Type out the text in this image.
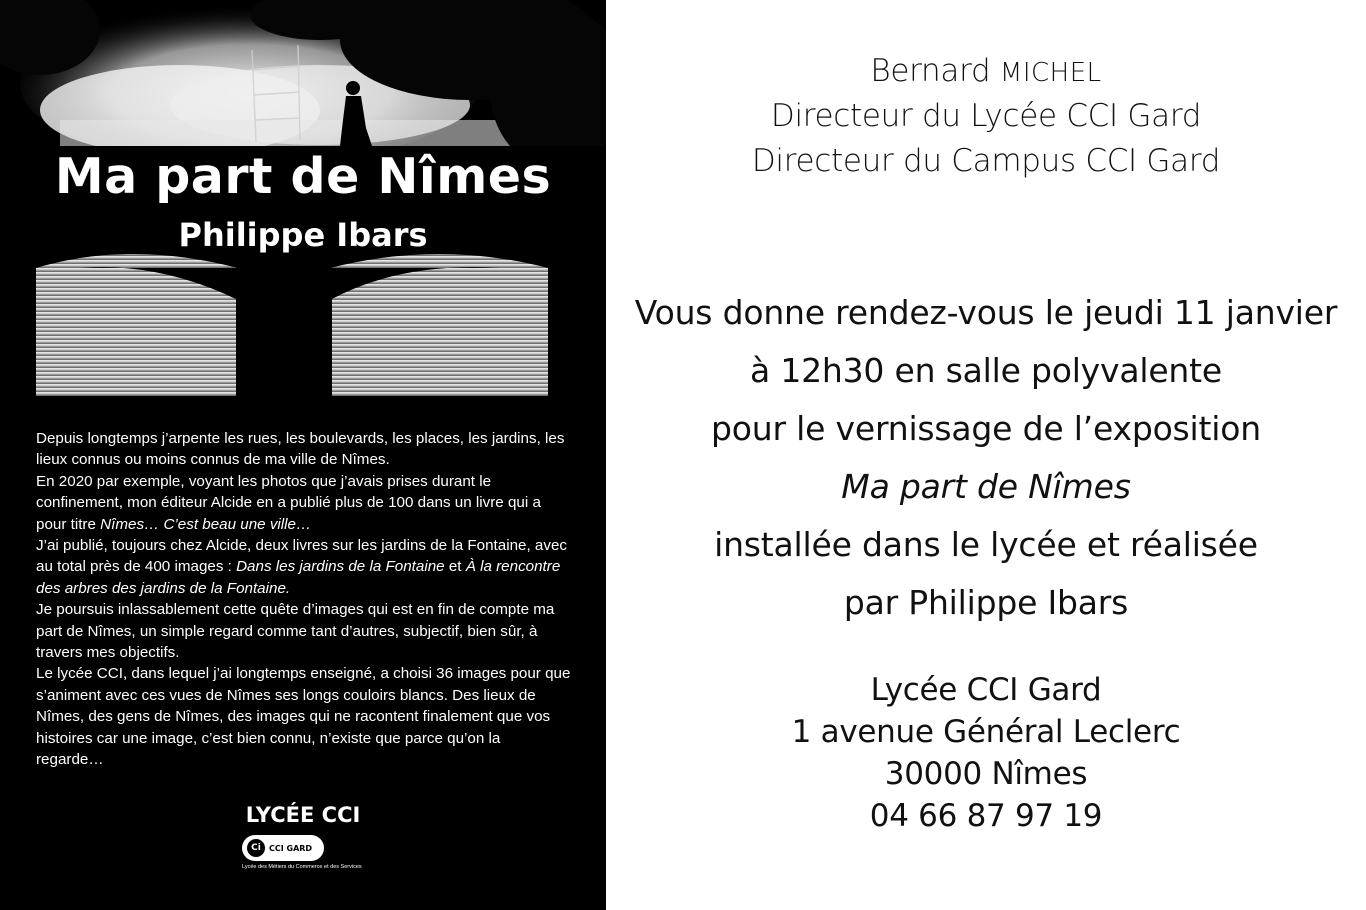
Ma part de Nîmes
Philippe Ibars

Depuis longtemps j’arpente les rues, les boulevards, les places, les jardins, les lieux connus ou moins connus de ma ville de Nîmes.

En 2020 par exemple, voyant les photos que j’avais prises durant le confinement, mon éditeur Alcide en a publié plus de 100 dans un livre qui a pour titre Nîmes… C’est beau une ville…

J’ai publié, toujours chez Alcide, deux livres sur les jardins de la Fontaine, avec au total près de 400 images : Dans les jardins de la Fontaine et À la rencontre des arbres des jardins de la Fontaine.

Je poursuis inlassablement cette quête d’images qui est en fin de compte ma part de Nîmes, un simple regard comme tant d’autres, subjectif, bien sûr, à travers mes objectifs.

Le lycée CCI, dans lequel j’ai longtemps enseigné, a choisi 36 images pour que s’animent avec ces vues de Nîmes ses longs couloirs blancs. Des lieux de Nîmes, des gens de Nîmes, des images qui ne racontent finalement que vos histoires car une image, c’est bien connu, n’existe que parce qu’on la regarde…

LYCÉE CCI
Ci	CCI GARD
Lycée des Métiers du Commerce et des Services
Bernard MICHEL
Directeur du Lycée CCI Gard
Directeur du Campus CCI Gard
Vous donne rendez-vous le jeudi 11 janvier
à 12h30 en salle polyvalente
pour le vernissage de l’exposition
Ma part de Nîmes
installée dans le lycée et réalisée
par Philippe Ibars
Lycée CCI Gard
1 avenue Général Leclerc
30000 Nîmes
04 66 87 97 19
